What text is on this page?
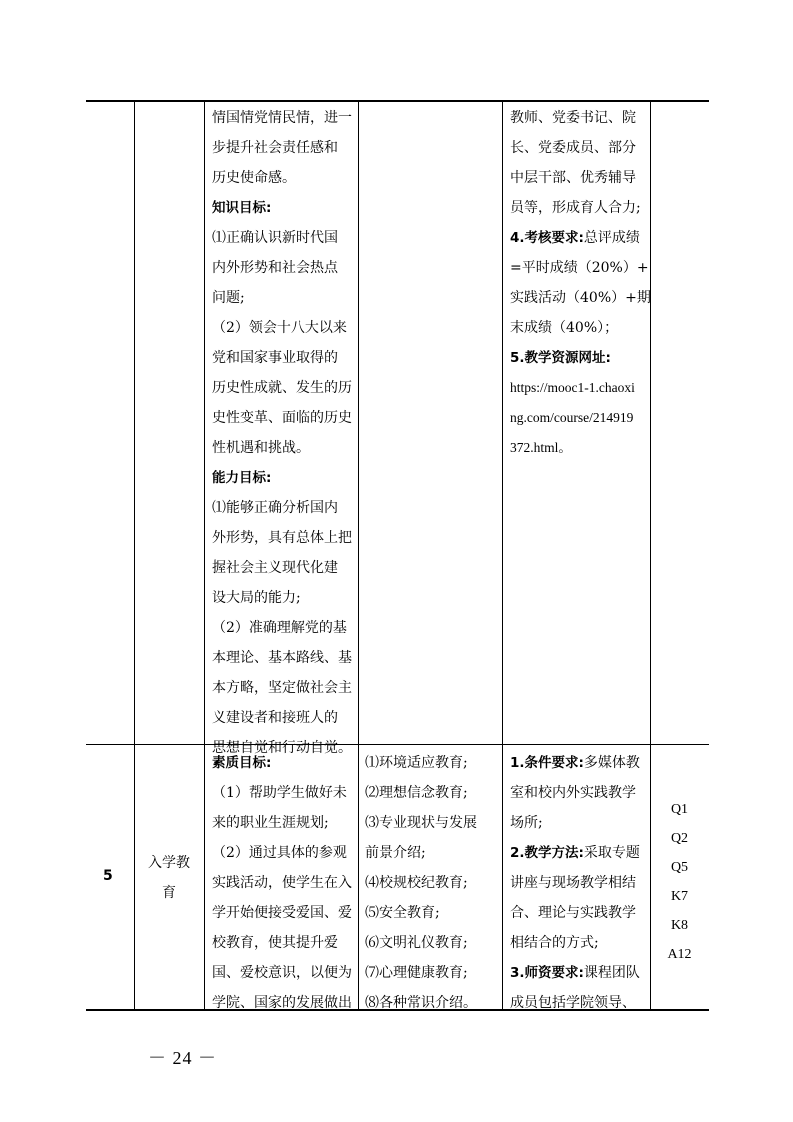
情国情党情民情，进一
步提升社会责任感和
历史使命感。
知识目标:
⑴正确认识新时代国
内外形势和社会热点
问题;
（2）领会十八大以来
党和国家事业取得的
历史性成就、发生的历
史性变革、面临的历史
性机遇和挑战。
能力目标:
⑴能够正确分析国内
外形势，具有总体上把
握社会主义现代化建
设大局的能力;
（2）准确理解党的基
本理论、基本路线、基
本方略，坚定做社会主
义建设者和接班人的
思想自觉和行动自觉。
教师、党委书记、院
长、党委成员、部分
中层干部、优秀辅导
员等，形成育人合力;
4.考核要求:总评成绩
=平时成绩（20%）+
实践活动（40%）+期
末成绩（40%）；
5.教学资源网址:
https://mooc1-1.chaoxi
ng.com/course/214919
372.html。
5
入学教
育
素质目标:
（1）帮助学生做好未
来的职业生涯规划;
（2）通过具体的参观
实践活动，使学生在入
学开始便接受爱国、爱
校教育，使其提升爱
国、爱校意识，以便为
学院、国家的发展做出
⑴环境适应教育;
⑵理想信念教育;
⑶专业现状与发展
前景介绍;
⑷校规校纪教育;
⑸安全教育;
⑹文明礼仪教育;
⑺心理健康教育;
⑻各种常识介绍。
1.条件要求:多媒体教
室和校内外实践教学
场所;
2.教学方法:采取专题
讲座与现场教学相结
合、理论与实践教学
相结合的方式;
3.师资要求:课程团队
成员包括学院领导、
Q1
Q2
Q5
K7
K8
A12
－ 24 －
